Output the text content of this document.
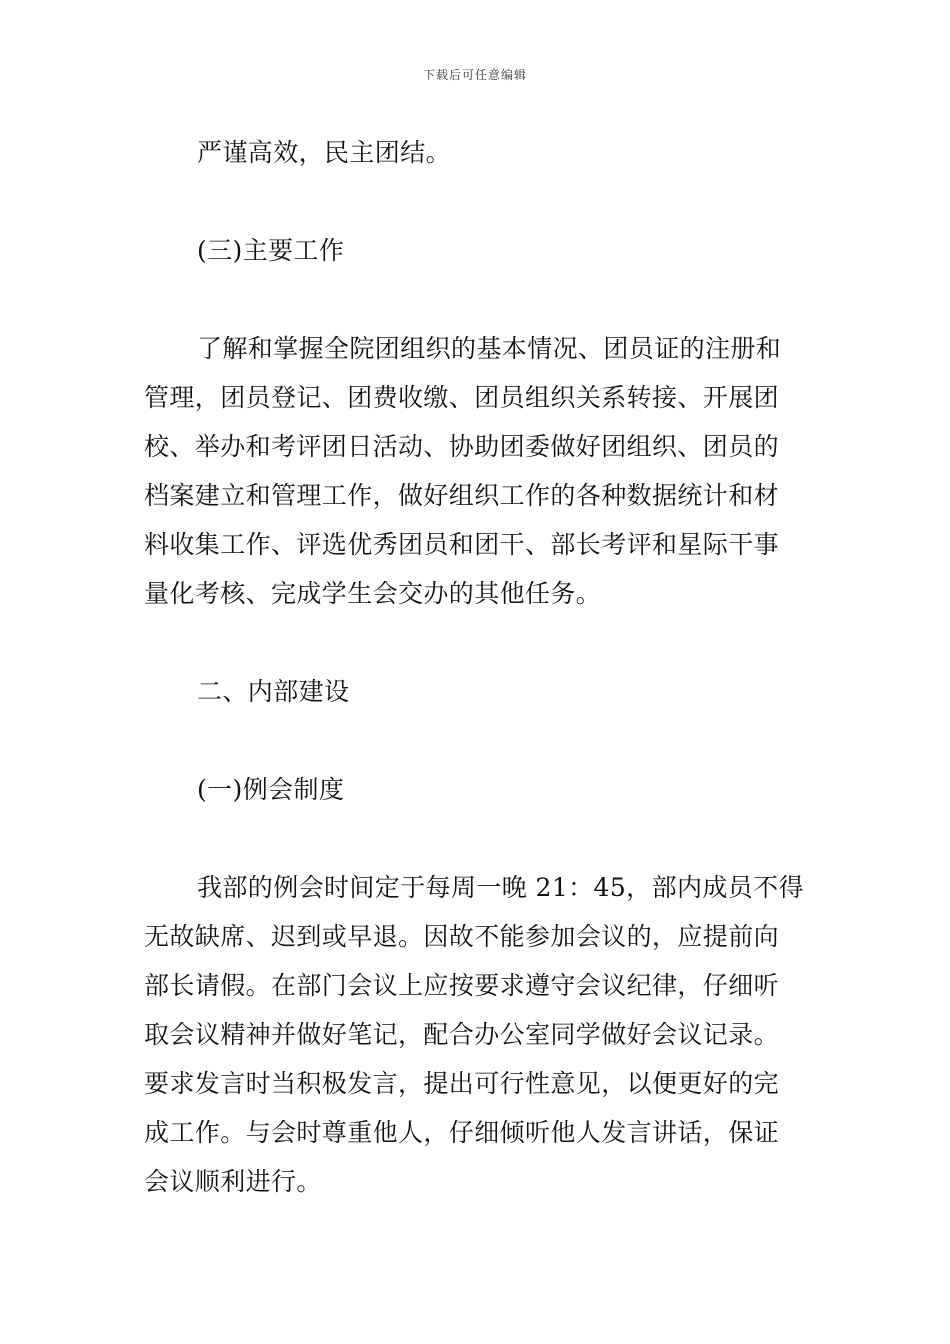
下载后可任意编辑
严谨高效，民主团结。
(三)主要工作
了解和掌握全院团组织的基本情况、团员证的注册和
管理，团员登记、团费收缴、团员组织关系转接、开展团
校、举办和考评团日活动、协助团委做好团组织、团员的
档案建立和管理工作，做好组织工作的各种数据统计和材
料收集工作、评选优秀团员和团干、部长考评和星际干事
量化考核、完成学生会交办的其他任务。
二、内部建设
(一)例会制度
我部的例会时间定于每周一晚 21：45，部内成员不得
无故缺席、迟到或早退。因故不能参加会议的，应提前向
部长请假。在部门会议上应按要求遵守会议纪律，仔细听
取会议精神并做好笔记，配合办公室同学做好会议记录。
要求发言时当积极发言，提出可行性意见，以便更好的完
成工作。与会时尊重他人，仔细倾听他人发言讲话，保证
会议顺利进行。
